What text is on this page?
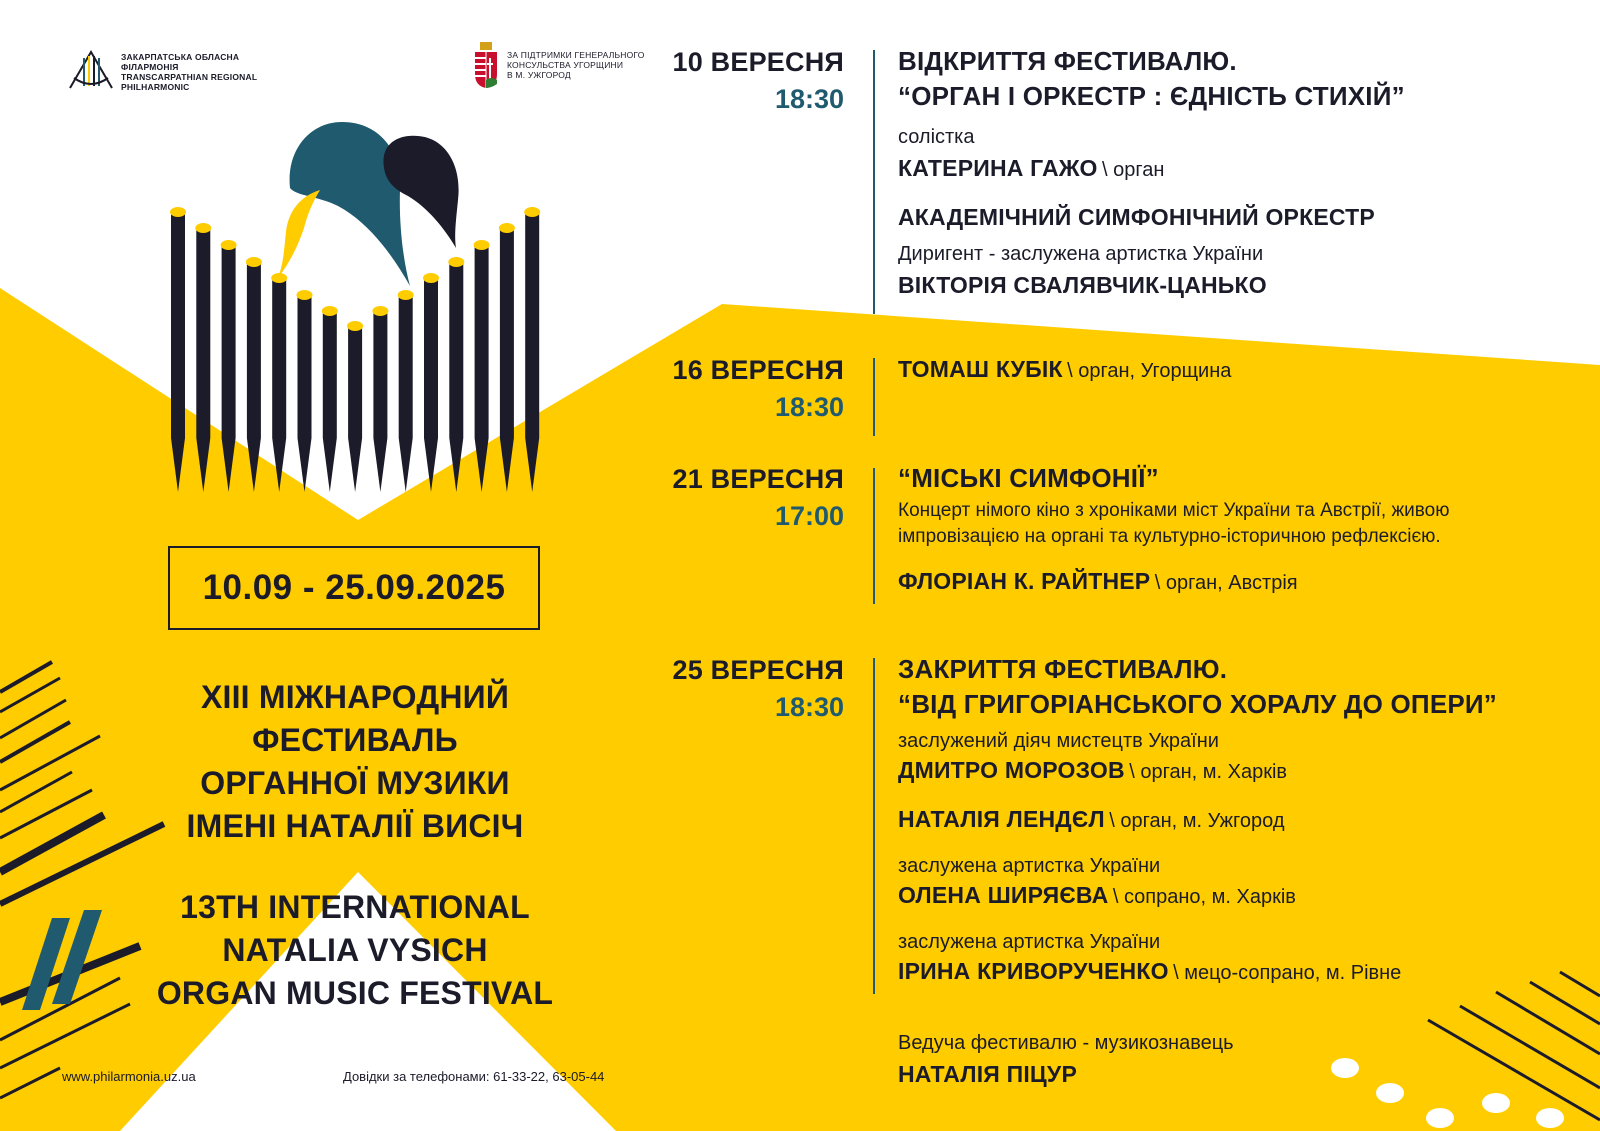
ЗАКАРПАТСЬКА ОБЛАСНА
ФІЛАРМОНІЯ
TRANSCARPATHIAN REGIONAL
PHILHARMONIC
ЗА ПІДТРИМКИ ГЕНЕРАЛЬНОГО
КОНСУЛЬСТВА УГОРЩИНИ
В М. УЖГОРОД
10.09 - 25.09.2025
XIII МІЖНАРОДНИЙ
ФЕСТИВАЛЬ
ОРГАННОЇ МУЗИКИ
ІМЕНІ НАТАЛІЇ ВИСІЧ
13TH INTERNATIONAL
NATALIA VYSICH
ORGAN MUSIC FESTIVAL
www.philarmonia.uz.ua	Довідки за телефонами: 61-33-22, 63-05-44
10 ВЕРЕСНЯ
18:30
ВІДКРИТТЯ ФЕСТИВАЛЮ.
“ОРГАН І ОРКЕСТР : ЄДНІСТЬ СТИХІЙ”
солістка
КАТЕРИНА ГАЖО \ орган
АКАДЕМІЧНИЙ СИМФОНІЧНИЙ ОРКЕСТР
Диригент - заслужена артистка України
ВІКТОРІЯ СВАЛЯВЧИК-ЦАНЬКО
16 ВЕРЕСНЯ
18:30
ТОМАШ КУБІК \ орган, Угорщина
21 ВЕРЕСНЯ
17:00
“МІСЬКІ СИМФОНІЇ”
Концерт німого кіно з хроніками міст України та Австрії, живою
імпровізацією на органі та культурно-історичною рефлексією.
ФЛОРІАН К. РАЙТНЕР \ орган, Австрія
25 ВЕРЕСНЯ
18:30
ЗАКРИТТЯ ФЕСТИВАЛЮ.
“ВІД ГРИГОРІАНСЬКОГО ХОРАЛУ ДО ОПЕРИ”
заслужений діяч мистецтв України
ДМИТРО МОРОЗОВ \ орган, м. Харків
НАТАЛІЯ ЛЕНДЄЛ \ орган, м. Ужгород
заслужена артистка України
ОЛЕНА ШИРЯЄВА \ сопрано, м. Харків
заслужена артистка України
ІРИНА КРИВОРУЧЕНКО \ мецо-сопрано, м. Рівне
Ведуча фестивалю - музикознавець
НАТАЛІЯ ПІЦУР
